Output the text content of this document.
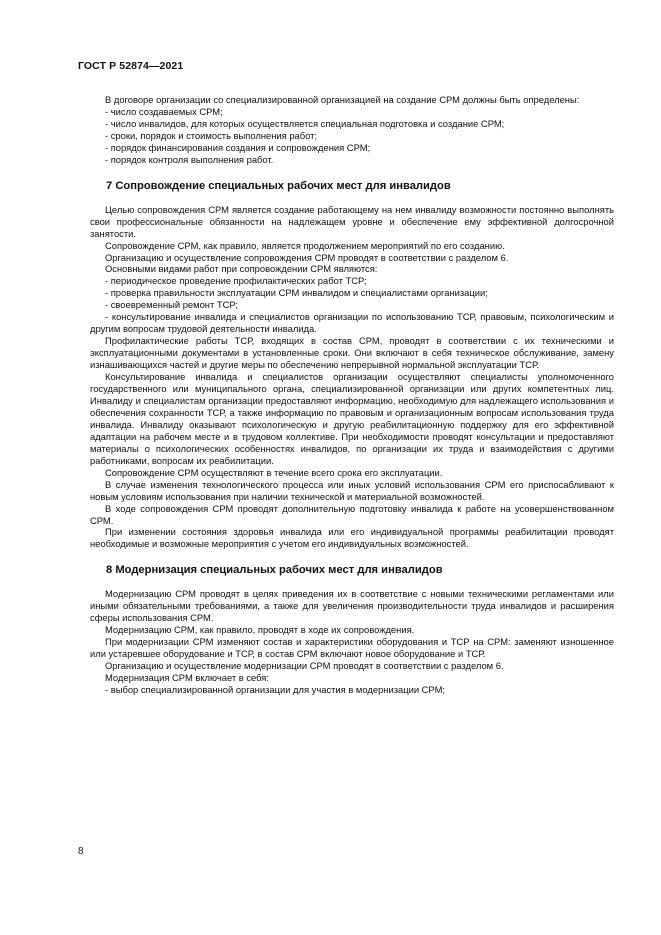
ГОСТ Р 52874—2021

В договоре организации со специализированной организацией на создание СРМ должны быть определены:

- число создаваемых СРМ;

- число инвалидов, для которых осуществляется специальная подготовка и создание СРМ;

- сроки, порядок и стоимость выполнения работ;

- порядок финансирования создания и сопровождения СРМ;

- порядок контроля выполнения работ.

7 Сопровождение специальных рабочих мест для инвалидов

Целью сопровождения СРМ является создание работающему на нем инвалиду возможности постоянно выполнять свои профессиональные обязанности на надлежащем уровне и обеспечение ему эффективной долгосрочной занятости.

Сопровождение СРМ, как правило, является продолжением мероприятий по его созданию.

Организацию и осуществление сопровождения СРМ проводят в соответствии с разделом 6.

Основными видами работ при сопровождении СРМ являются:

- периодическое проведение профилактических работ ТСР;

- проверка правильности эксплуатации СРМ инвалидом и специалистами организации;

- своевременный ремонт ТСР;

- консультирование инвалида и специалистов организации по использованию ТСР, правовым, психологическим и другим вопросам трудовой деятельности инвалида.

Профилактические работы ТСР, входящих в состав СРМ, проводят в соответствии с их техническими и эксплуатационными документами в установленные сроки. Они включают в себя техническое обслуживание, замену изнашивающихся частей и другие меры по обеспечению непрерывной нормальной эксплуатации ТСР.

Консультирование инвалида и специалистов организации осуществляют специалисты уполномоченного государственного или муниципального органа, специализированной организации или других компетентных лиц. Инвалиду и специалистам организации предоставляют информацию, необходимую для надлежащего использования и обеспечения сохранности ТСР, а также информацию по правовым и организационным вопросам использования труда инвалида. Инвалиду оказывают психологическую и другую реабилитационную поддержку для его эффективной адаптации на рабочем месте и в трудовом коллективе. При необходимости проводят консультации и предоставляют материалы о психологических особенностях инвалидов, по организации их труда и взаимодействия с другими работниками, вопросам их реабилитации.

Сопровождение СРМ осуществляют в течение всего срока его эксплуатации.

В случае изменения технологического процесса или иных условий использования СРМ его приспосабливают к новым условиям использования при наличии технической и материальной возможностей.

В ходе сопровождения СРМ проводят дополнительную подготовку инвалида к работе на усовершенствованном СРМ.

При изменении состояния здоровья инвалида или его индивидуальной программы реабилитации проводят необходимые и возможные мероприятия с учетом его индивидуальных возможностей.

8 Модернизация специальных рабочих мест для инвалидов

Модернизацию СРМ проводят в целях приведения их в соответствие с новыми техническими регламентами или иными обязательными требованиями, а также для увеличения производительности труда инвалидов и расширения сферы использования СРМ.

Модернизацию СРМ, как правило, проводят в ходе их сопровождения.

При модернизации СРМ изменяют состав и характеристики оборудования и ТСР на СРМ: заменяют изношенное или устаревшее оборудование и ТСР, в состав СРМ включают новое оборудование и ТСР.

Организацию и осуществление модернизации СРМ проводят в соответствии с разделом 6.

Модернизация СРМ включает в себя:

- выбор специализированной организации для участия в модернизации СРМ;

8
